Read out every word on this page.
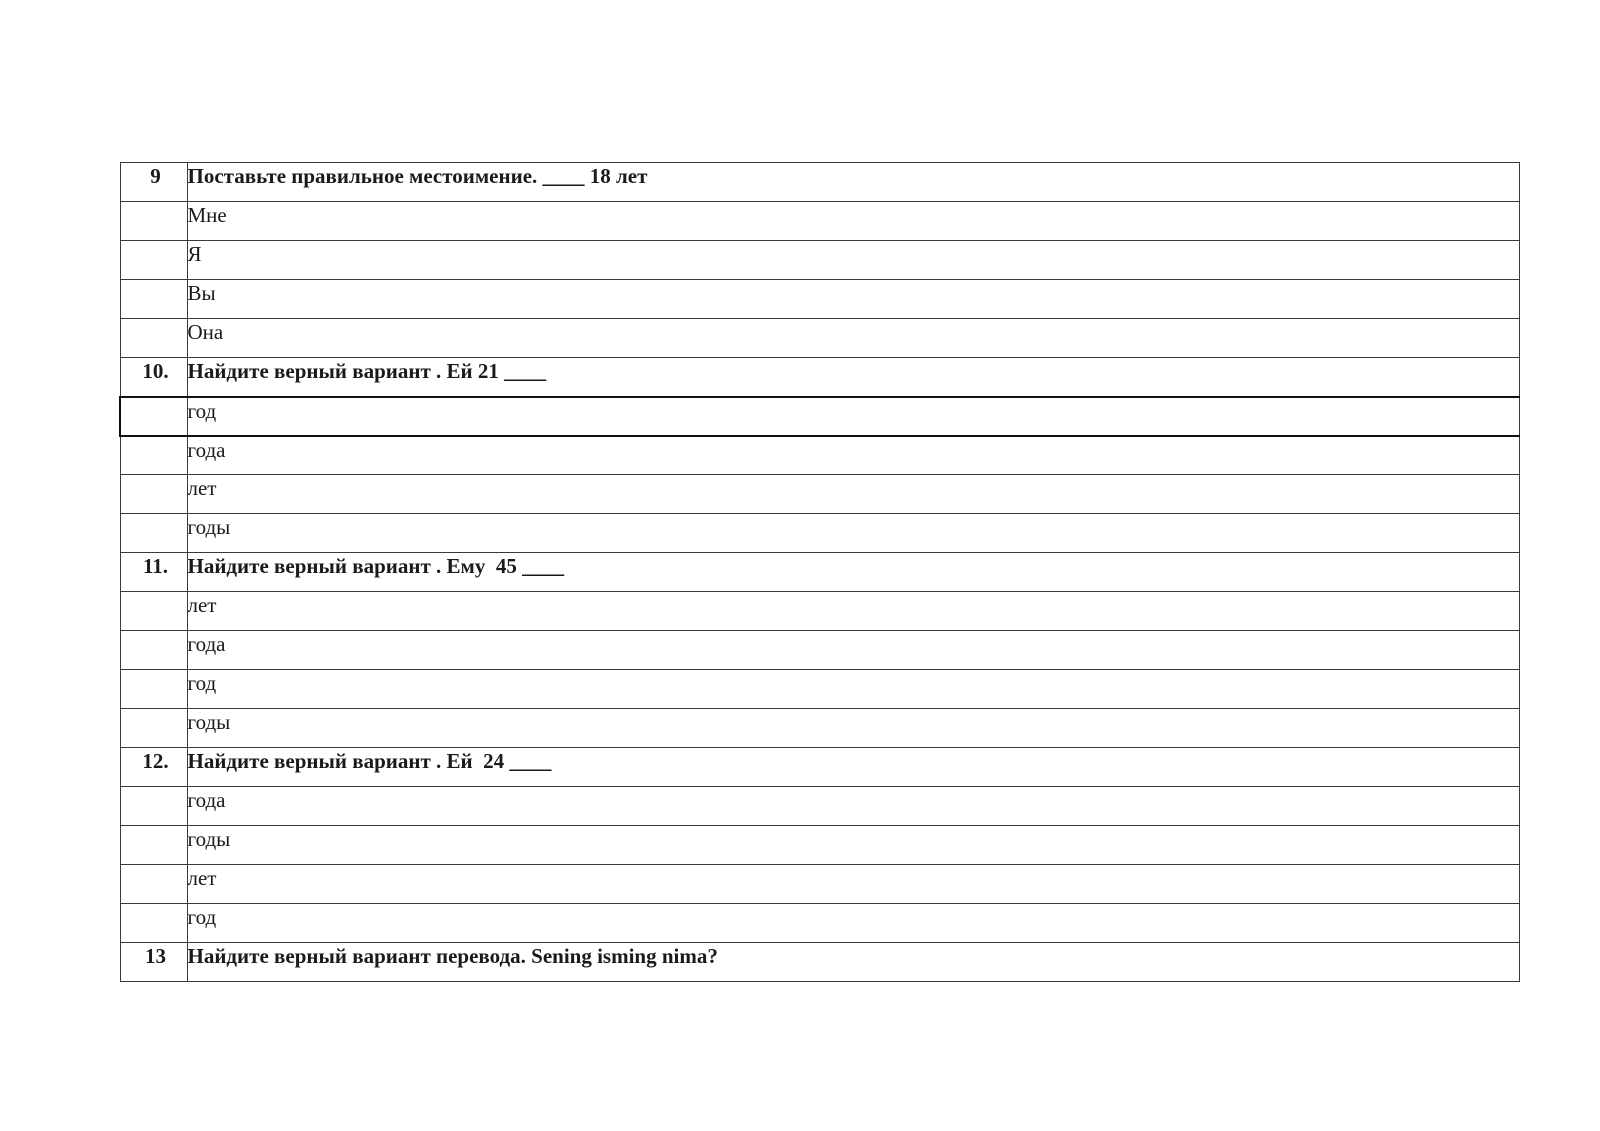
9	Поставьте правильное местоимение. ____ 18 лет
	Мне
	Я
	Вы
	Она
10.	Найдите верный вариант . Ей 21 ____
	год
	года
	лет
	годы
11.	Найдите верный вариант . Ему  45 ____
	лет
	года
	год
	годы
12.	Найдите верный вариант . Ей  24 ____
	года
	годы
	лет
	год
13	Найдите верный вариант перевода. Sening isming nima?
